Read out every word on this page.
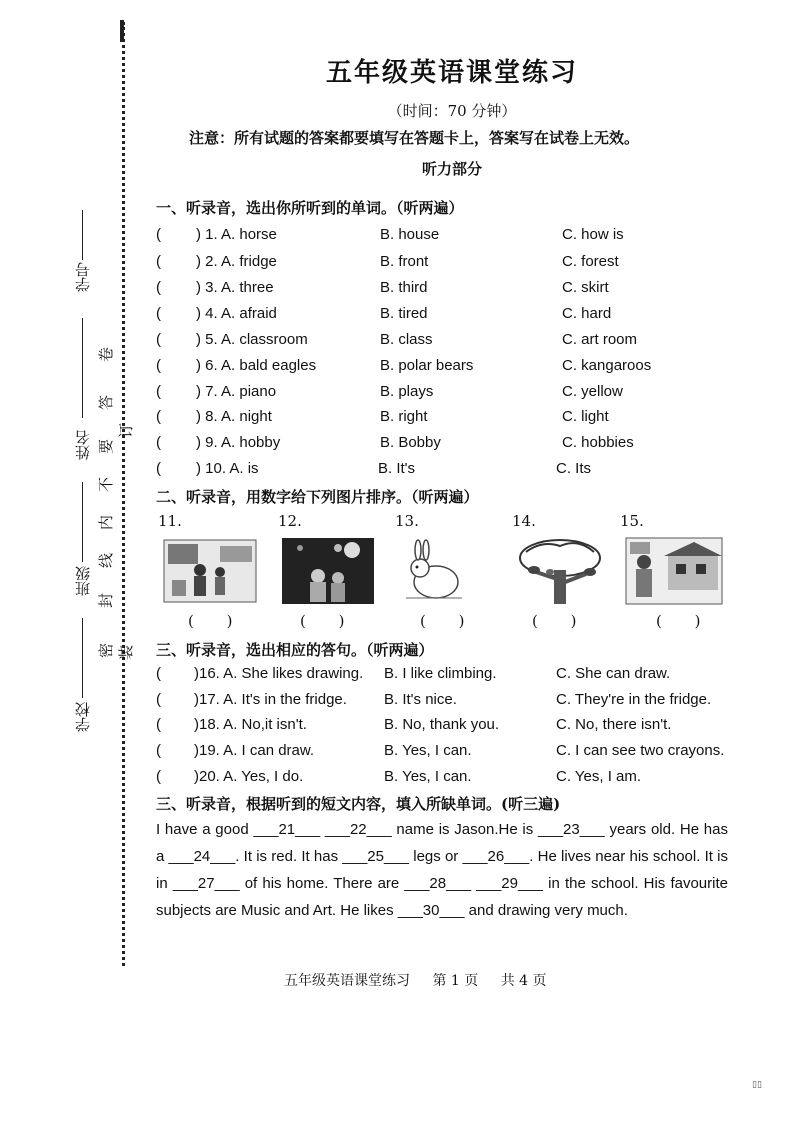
学号
姓名
班级
学校
密
封
线
内
不
要
答
卷
装
订
五年级英语课堂练习
（时间：70 分钟）
注意：所有试题的答案都要填写在答题卡上，答案写在试卷上无效。
听力部分
一、听录音，选出你所听到的单词。（听两遍）
( ) 1. A. horse	B. house	C. how is
( ) 2. A. fridge	B. front	C. forest
( ) 3. A. three	B. third	C. skirt
( ) 4. A. afraid	B. tired	C. hard
( ) 5. A. classroom	B. class	C. art room
( ) 6. A. bald eagles	B. polar bears	C. kangaroos
( ) 7. A. piano	B. plays	C. yellow
( ) 8. A. night	B. right	C. light
( ) 9. A. hobby	B. Bobby	C. hobbies
( ) 10. A. is	B. It's	C. Its
二、听录音，用数字给下列图片排序。（听两遍）
11.	12.	13.	14.	15.
( )	( )	( )	( )	( )
三、听录音，选出相应的答句。（听两遍）
( )16. A. She likes drawing. B. I like climbing.	C. She can draw.
( )17. A. It's in the fridge. B. It's nice.	C. They're in the fridge.
( )18. A. No,it isn't.	B. No, thank you.	C. No, there isn't.
( )19. A. I can draw.	B. Yes, I can.	C. I can see two crayons.
( )20. A. Yes, I do.	B. Yes, I can.	C. Yes, I am.
三、听录音，根据听到的短文内容，填入所缺单词。(听三遍)
I have a good ___21___ ___22___ name is Jason.He is ___23___ years old. He has a ___24___. It is red. It has ___25___ legs or ___26___. He lives near his school. It is in ___27___ of his home. There are ___28___ ___29___ in the school. His favourite subjects are Music and Art. He likes ___30___ and drawing very much.
五年级英语课堂练习 第 1 页 共 4 页
▯▯
